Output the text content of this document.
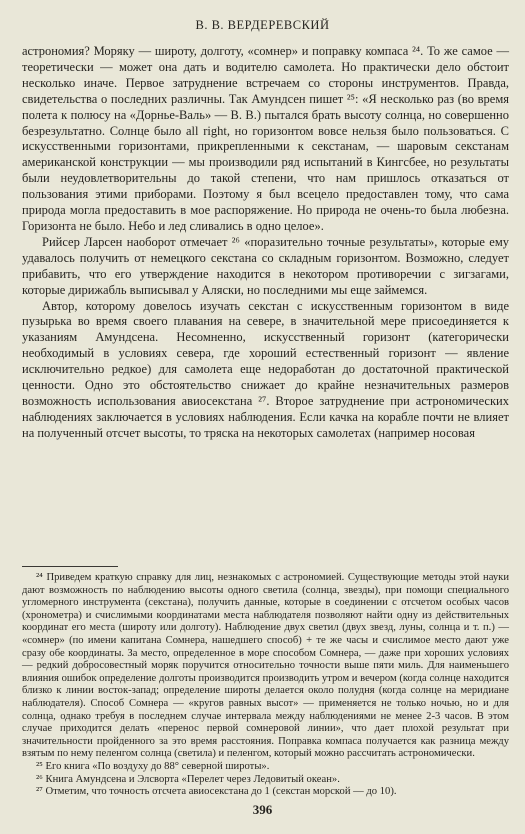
В. В. ВЕРДЕРЕВСКИЙ

астрономия? Моряку — широту, долготу, «сомнер» и поправку компаса ²⁴. То же самое — теоретически — может она дать и водителю самолета. Но практически дело обстоит несколько иначе. Первое затруднение встречаем со стороны инструментов. Правда, свидетельства о последних различны. Так Амундсен пишет ²⁵: «Я несколько раз (во время полета к полюсу на «Дорнье-Валь» — В. В.) пытался брать высоту солнца, но совершенно безрезультатно. Солнце было all right, но горизонтом вовсе нельзя было пользоваться. С искусственными горизонтами, прикрепленными к секстанам, — шаровым секстанам американской конструкции — мы производили ряд испытаний в Кингсбее, но результаты были неудовлетворительны до такой степени, что нам пришлось отказаться от пользования этими приборами. Поэтому я был всецело предоставлен тому, что сама природа могла предоставить в мое распоряжение. Но природа не очень-то была любезна. Горизонта не было. Небо и лед сливались в одно целое».

Рийсер Ларсен наоборот отмечает ²⁶ «поразительно точные результаты», которые ему удавалось получить от немецкого секстана со складным горизонтом. Возможно, следует прибавить, что его утверждение находится в некотором противоречии с зигзагами, которые дирижабль выписывал у Аляски, но последними мы еще займемся.

Автор, которому довелось изучать секстан с искусственным горизонтом в виде пузырька во время своего плавания на севере, в значительной мере присоединяется к указаниям Амундсена. Несомненно, искусственный горизонт (категорически необходимый в условиях севера, где хороший естественный горизонт — явление исключительно редкое) для самолета еще недоработан до достаточной практической ценности. Одно это обстоятельство снижает до крайне незначительных размеров возможность использования авиосекстана ²⁷. Второе затруднение при астрономических наблюдениях заключается в условиях наблюдения. Если качка на корабле почти не влияет на полученный отсчет высоты, то тряска на некоторых самолетах (например носовая

²⁴ Приведем краткую справку для лиц, незнакомых с астрономией. Существующие методы этой науки дают возможность по наблюдению высоты одного светила (солнца, звезды), при помощи специального угломерного инструмента (секстана), получить данные, которые в соединении с отсчетом особых часов (хронометра) и счислимыми координатами места наблюдателя позволяют найти одну из действительных координат его места (широту или долготу). Наблюдение двух светил (двух звезд, луны, солнца и т. п.) — «сомнер» (по имени капитана Сомнера, нашедшего способ) + те же часы и счислимое место дают уже сразу обе координаты. За место, определенное в море способом Сомнера, — даже при хороших условиях — редкий добросовестный моряк поручится относительно точности выше пяти миль. Для наименьшего влияния ошибок определение долготы производится производить утром и вечером (когда солнце находится близко к линии восток-запад; определение широты делается около полудня (когда солнце на меридиане наблюдателя). Способ Сомнера — «кругов равных высот» — применяется не только ночью, но и для солнца, однако требуя в последнем случае интервала между наблюдениями не менее 2-3 часов. В этом случае приходится делать «перенос первой сомнеровой линии», что дает плохой результат при значительности пройденного за это время расстояния. Поправка компаса получается как разница между взятым по нему пеленгом солнца (светила) и пеленгом, который можно рассчитать астрономически.

²⁵ Его книга «По воздуху до 88° северной широты».

²⁶ Книга Амундсена и Элсворта «Перелет через Ледовитый океан».

²⁷ Отметим, что точность отсчета авиосекстана до 1 (секстан морской — до 10).

396
